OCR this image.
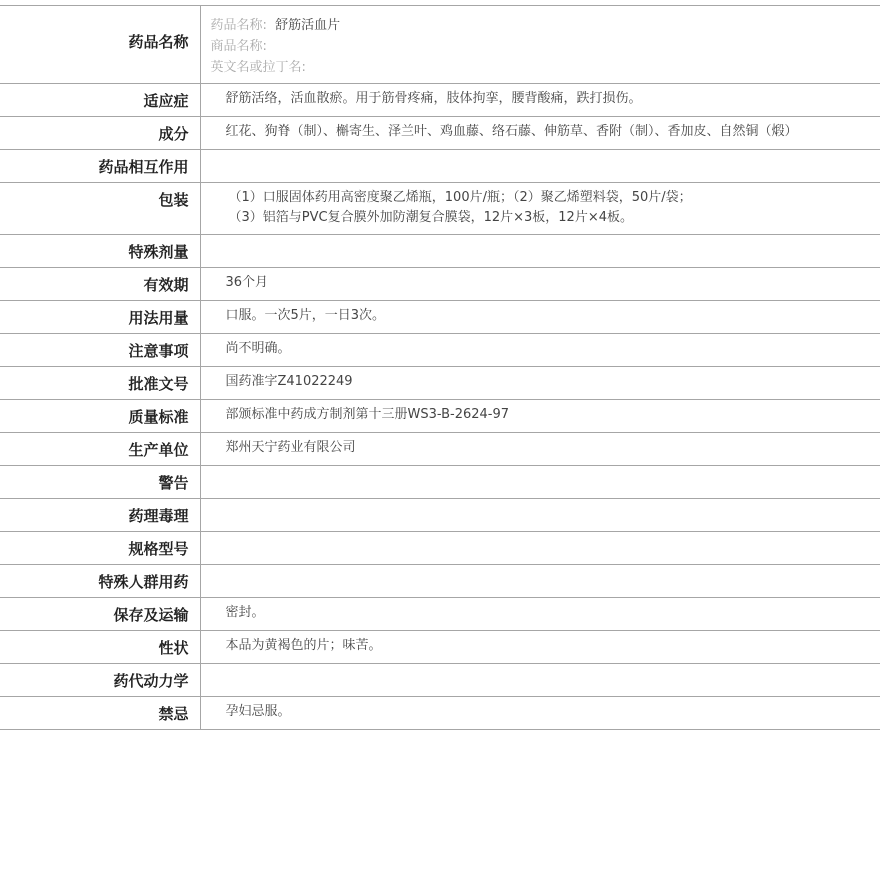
药品名称	药品名称: 舒筋活血片
商品名称:
英文名或拉丁名:

适应症	舒筋活络，活血散瘀。用于筋骨疼痛，肢体拘挛，腰背酸痛，跌打损伤。
成分	红花、狗脊（制）、槲寄生、泽兰叶、鸡血藤、络石藤、伸筋草、香附（制）、香加皮、自然铜（煅）
药品相互作用	
包装	（1）口服固体药用高密度聚乙烯瓶，100片/瓶；（2）聚乙烯塑料袋，50片/袋；
（3）铝箔与PVC复合膜外加防潮复合膜袋，12片×3板，12片×4板。

特殊剂量	
有效期	36个月
用法用量	口服。一次5片，一日3次。
注意事项	尚不明确。
批准文号	国药准字Z41022249
质量标准	部颁标准中药成方制剂第十三册WS3-B-2624-97
生产单位	郑州天宁药业有限公司
警告	
药理毒理	
规格型号	
特殊人群用药	
保存及运输	密封。
性状	本品为黄褐色的片；味苦。
药代动力学	
禁忌	孕妇忌服。
